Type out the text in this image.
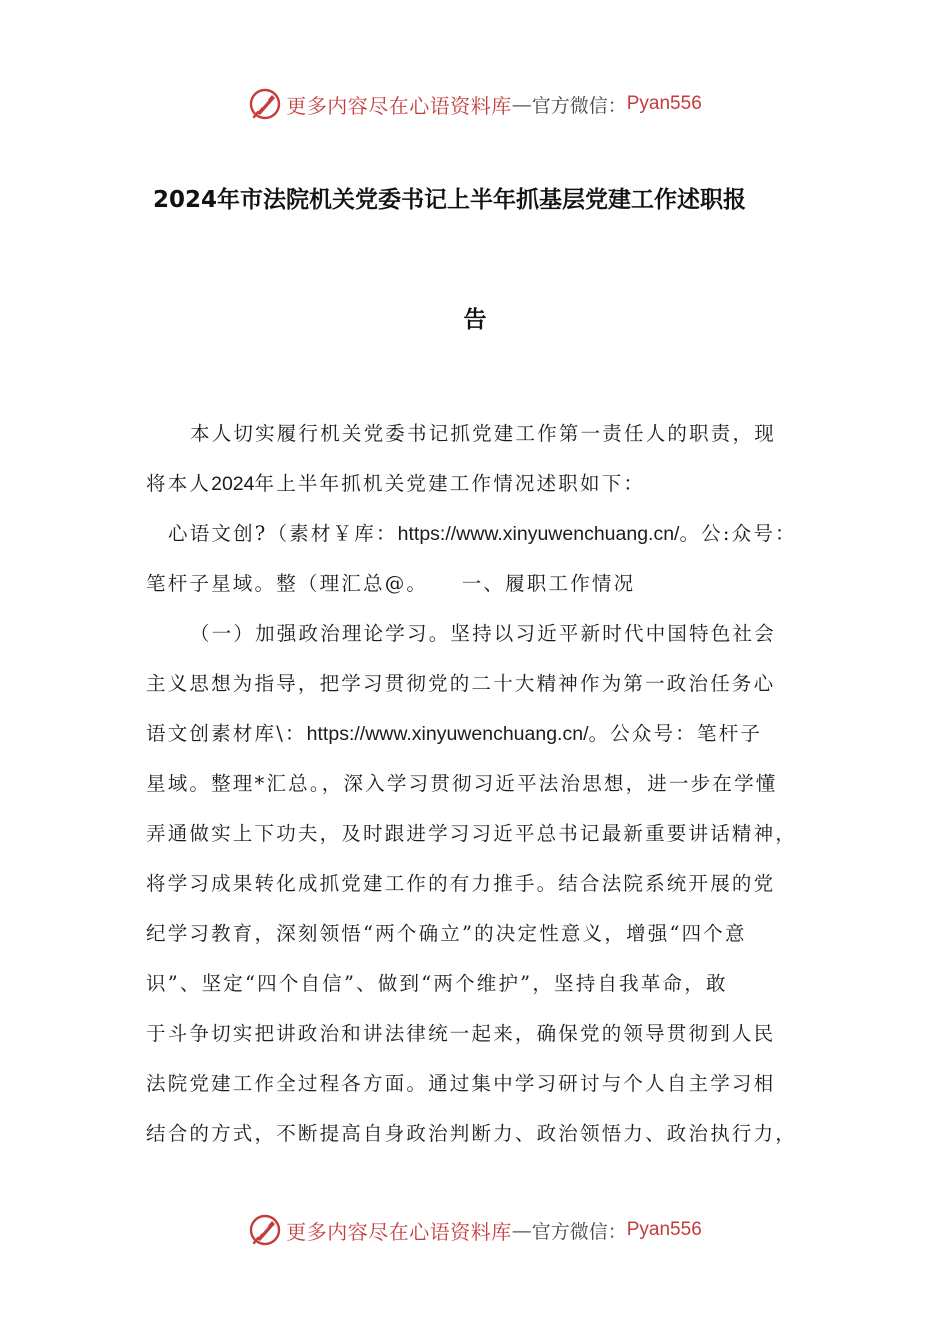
更多内容尽在心语资料库 — 官方微信： Pyan556
2024年市法院机关党委书记上半年抓基层党建工作述职报
告
本人切实履行机关党委书记抓党建工作第一责任人的职责，现
将本人2024年上半年抓机关党建工作情况述职如下：
心语文创?（素材￥库：https://www.xinyuwenchuang.cn/。公:众号：
笔杆子星域。整（理汇总@。    一、履职工作情况
（一）加强政治理论学习。坚持以习近平新时代中国特色社会
主义思想为指导，把学习贯彻党的二十大精神作为第一政治任务心
语文创素材库\：https://www.xinyuwenchuang.cn/。公众号：笔杆子
星域。整理*汇总。，深入学习贯彻习近平法治思想，进一步在学懂
弄通做实上下功夫，及时跟进学习习近平总书记最新重要讲话精神，
将学习成果转化成抓党建工作的有力推手。结合法院系统开展的党
纪学习教育，深刻领悟“两个确立”的决定性意义，增强“四个意
识”、坚定“四个自信”、做到“两个维护”，坚持自我革命，敢
于斗争切实把讲政治和讲法律统一起来，确保党的领导贯彻到人民
法院党建工作全过程各方面。通过集中学习研讨与个人自主学习相
结合的方式，不断提高自身政治判断力、政治领悟力、政治执行力，
更多内容尽在心语资料库 — 官方微信： Pyan556
